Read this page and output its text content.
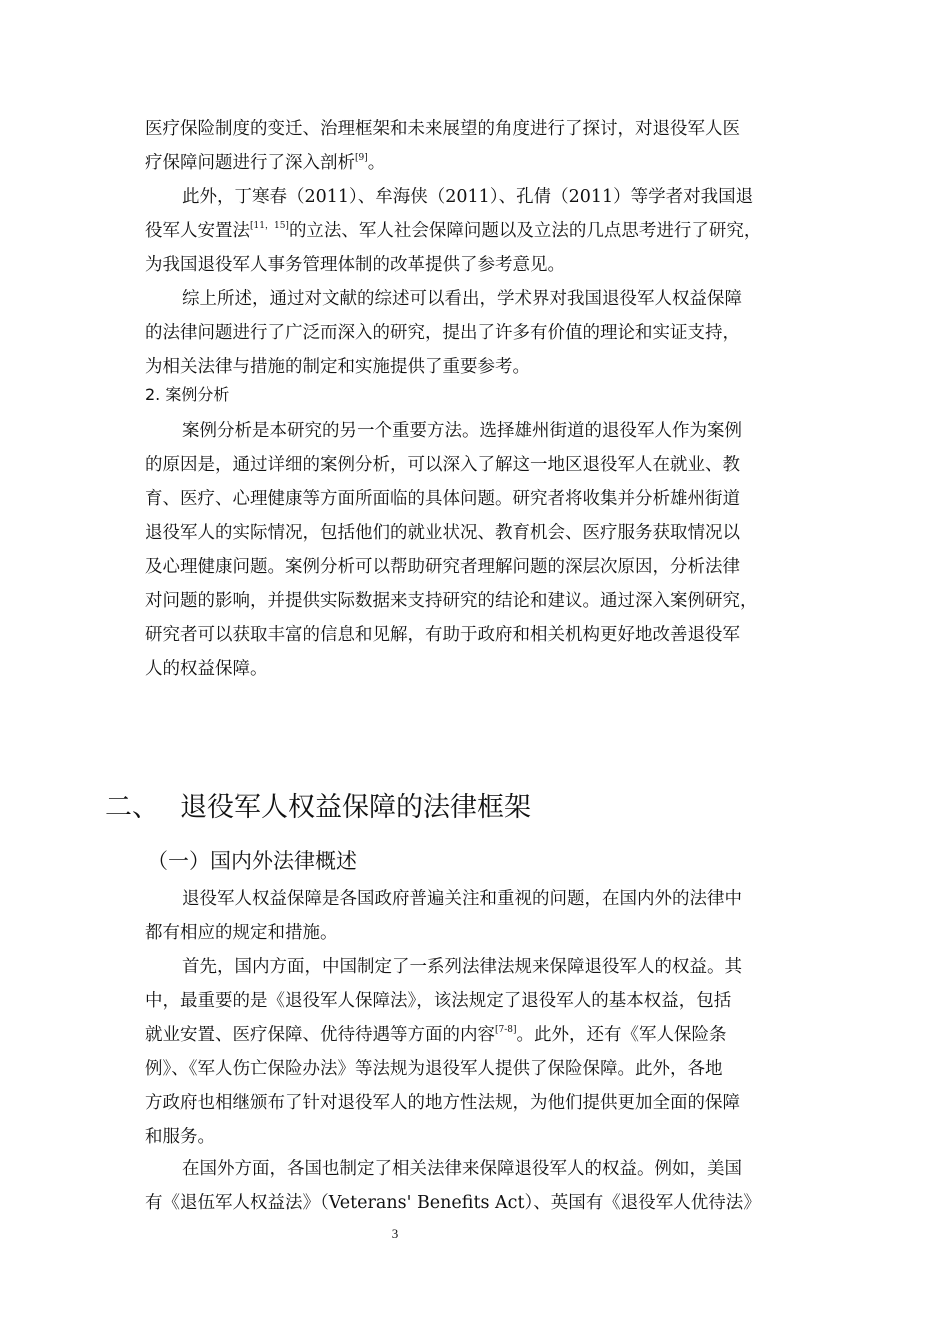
医疗保险制度的变迁、治理框架和未来展望的角度进行了探讨，对退役军人医
疗保障问题进行了深入剖析[9]。
此外，丁寒春（2011）、牟海侠（2011）、孔倩（2011）等学者对我国退
役军人安置法[11，15]的立法、军人社会保障问题以及立法的几点思考进行了研究，
为我国退役军人事务管理体制的改革提供了参考意见。
综上所述，通过对文献的综述可以看出，学术界对我国退役军人权益保障
的法律问题进行了广泛而深入的研究，提出了许多有价值的理论和实证支持，
为相关法律与措施的制定和实施提供了重要参考。
2. 案例分析
案例分析是本研究的另一个重要方法。选择雄州街道的退役军人作为案例
的原因是，通过详细的案例分析，可以深入了解这一地区退役军人在就业、教
育、医疗、心理健康等方面所面临的具体问题。研究者将收集并分析雄州街道
退役军人的实际情况，包括他们的就业状况、教育机会、医疗服务获取情况以
及心理健康问题。案例分析可以帮助研究者理解问题的深层次原因，分析法律
对问题的影响，并提供实际数据来支持研究的结论和建议。通过深入案例研究，
研究者可以获取丰富的信息和见解，有助于政府和相关机构更好地改善退役军
人的权益保障。
二、 退役军人权益保障的法律框架
（一）国内外法律概述
退役军人权益保障是各国政府普遍关注和重视的问题，在国内外的法律中
都有相应的规定和措施。
首先，国内方面，中国制定了一系列法律法规来保障退役军人的权益。其
中，最重要的是《退役军人保障法》，该法规定了退役军人的基本权益，包括
就业安置、医疗保障、优待待遇等方面的内容[7-8]。此外，还有《军人保险条
例》、《军人伤亡保险办法》等法规为退役军人提供了保险保障。此外，各地
方政府也相继颁布了针对退役军人的地方性法规，为他们提供更加全面的保障
和服务。
在国外方面，各国也制定了相关法律来保障退役军人的权益。例如，美国
有《退伍军人权益法》（Veterans' Benefits Act）、英国有《退役军人优待法》
3
